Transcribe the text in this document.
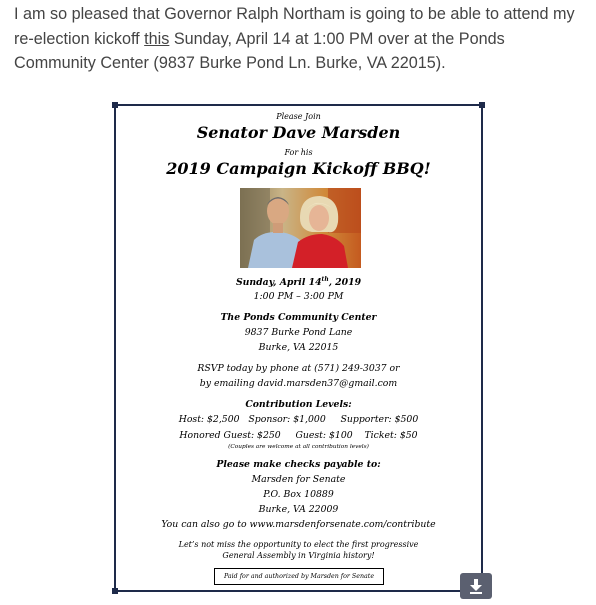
I am so pleased that Governor Ralph Northam is going to be able to attend my re-election kickoff this Sunday, April 14 at 1:00 PM over at the Ponds Community Center (9837 Burke Pond Ln. Burke, VA 22015).
Please Join
Senator Dave Marsden
For his
2019 Campaign Kickoff BBQ!
Sunday, April 14th, 2019
1:00 PM – 3:00 PM
The Ponds Community Center
9837 Burke Pond Lane
Burke, VA 22015
RSVP today by phone at (571) 249-3037 or
by emailing david.marsden37@gmail.com
Contribution Levels:
Host: $2,500   Sponsor: $1,000     Supporter: $500
Honored Guest: $250     Guest: $100    Ticket: $50
(Couples are welcome at all contribution levels)
Please make checks payable to:
Marsden for Senate
P.O. Box 10889
Burke, VA 22009
You can also go to www.marsdenforsenate.com/contribute
Let’s not miss the opportunity to elect the first progressive
General Assembly in Virginia history!
Paid for and authorized by Marsden for Senate
